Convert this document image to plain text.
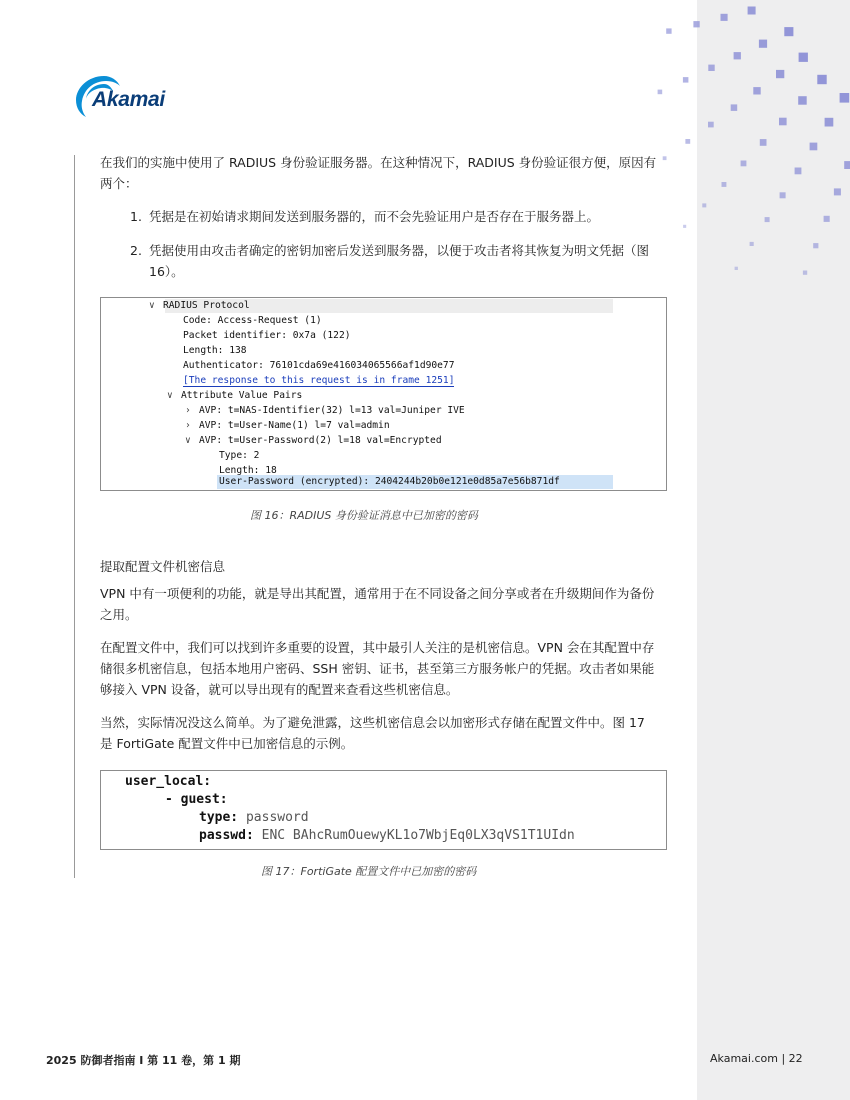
Akamai
在我们的实施中使用了 RADIUS 身份验证服务器。在这种情况下，RADIUS 身份验证很方便，原因有两个：
1. 凭据是在初始请求期间发送到服务器的，而不会先验证用户是否存在于服务器上。
2. 凭据使用由攻击者确定的密钥加密后发送到服务器，以便于攻击者将其恢复为明文凭据（图 16）。
∨ RADIUS Protocol
Code: Access-Request (1)
Packet identifier: 0x7a (122)
Length: 138
Authenticator: 76101cda69e416034065566af1d90e77
[The response to this request is in frame 1251]
∨ Attribute Value Pairs
› AVP: t=NAS-Identifier(32) l=13 val=Juniper IVE
› AVP: t=User-Name(1) l=7 val=admin
∨ AVP: t=User-Password(2) l=18 val=Encrypted
Type: 2
Length: 18
User-Password (encrypted): 2404244b20b0e121e0d85a7e56b871df
图 16：RADIUS 身份验证消息中已加密的密码
提取配置文件机密信息
VPN 中有一项便利的功能，就是导出其配置，通常用于在不同设备之间分享或者在升级期间作为备份之用。
在配置文件中，我们可以找到许多重要的设置，其中最引人关注的是机密信息。VPN 会在其配置中存储很多机密信息，包括本地用户密码、SSH 密钥、证书，甚至第三方服务帐户的凭据。攻击者如果能够接入 VPN 设备，就可以导出现有的配置来查看这些机密信息。
当然，实际情况没这么简单。为了避免泄露，这些机密信息会以加密形式存储在配置文件中。图 17 是 FortiGate 配置文件中已加密信息的示例。
user_local:
- guest:
type: password
passwd: ENC BAhcRumOuewyKL1o7WbjEq0LX3qVS1T1UIdn
图 17：FortiGate 配置文件中已加密的密码
2025 防御者指南 I 第 11 卷，第 1 期	Akamai.com | 22
